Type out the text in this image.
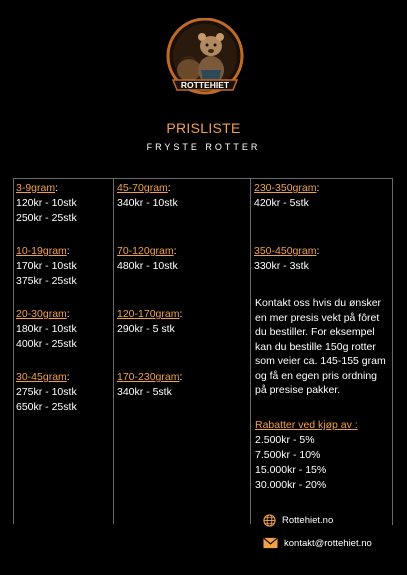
ROTTEHIET
PRISLISTE
FRYSTE ROTTER
3-9gram:
120kr - 10stk
250kr - 25stk
10-19gram:
170kr - 10stk
375kr - 25stk
20-30gram:
180kr - 10stk
400kr - 25stk
30-45gram:
275kr - 10stk
650kr - 25stk
45-70gram:
340kr - 10stk
70-120gram:
480kr - 10stk
120-170gram:
290kr - 5 stk
170-230gram:
340kr - 5stk
230-350gram:
420kr - 5stk
350-450gram:
330kr - 3stk
Kontakt oss hvis du ønsker
en mer presis vekt på fôret
du bestiller. For eksempel
kan du bestille 150g rotter
som veier ca. 145-155 gram
og få en egen pris ordning
på presise pakker.
Rabatter ved kjøp av :
2.500kr - 5%
7.500kr - 10%
15.000kr - 15%
30.000kr - 20%
Rottehiet.no
kontakt@rottehiet.no
